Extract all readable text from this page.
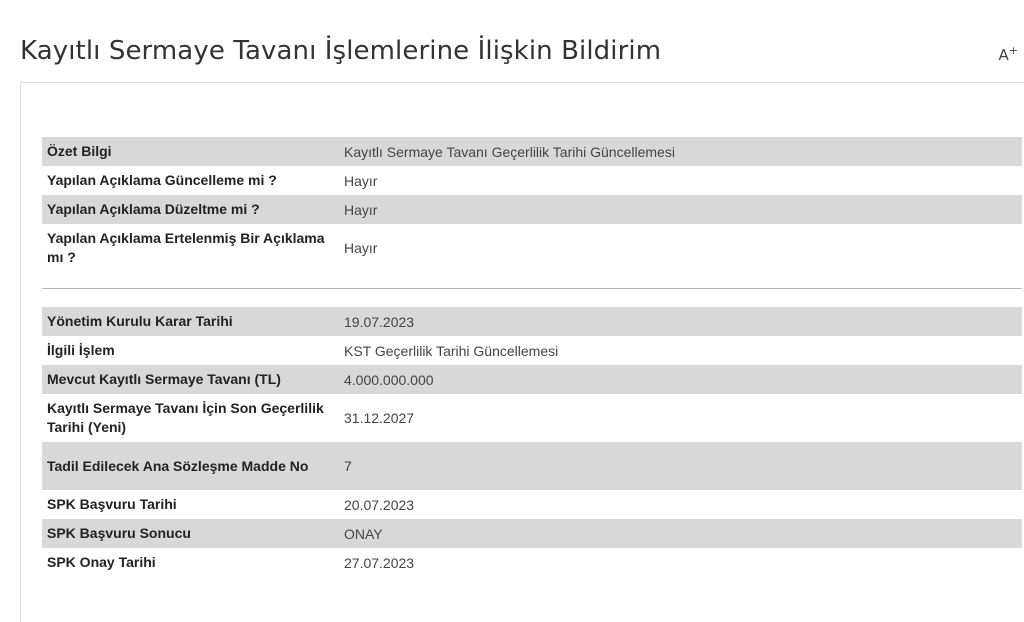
Kayıtlı Sermaye Tavanı İşlemlerine İlişkin Bildirim	A+
Özet Bilgi	Kayıtlı Sermaye Tavanı Geçerlilik Tarihi Güncellemesi
Yapılan Açıklama Güncelleme mi ?	Hayır
Yapılan Açıklama Düzeltme mi ?	Hayır
Yapılan Açıklama Ertelenmiş Bir Açıklama mı ?	Hayır
Yönetim Kurulu Karar Tarihi	19.07.2023
İlgili İşlem	KST Geçerlilik Tarihi Güncellemesi
Mevcut Kayıtlı Sermaye Tavanı (TL)	4.000.000.000
Kayıtlı Sermaye Tavanı İçin Son Geçerlilik Tarihi (Yeni)	31.12.2027
Tadil Edilecek Ana Sözleşme Madde No	7
SPK Başvuru Tarihi	20.07.2023
SPK Başvuru Sonucu	ONAY
SPK Onay Tarihi	27.07.2023
